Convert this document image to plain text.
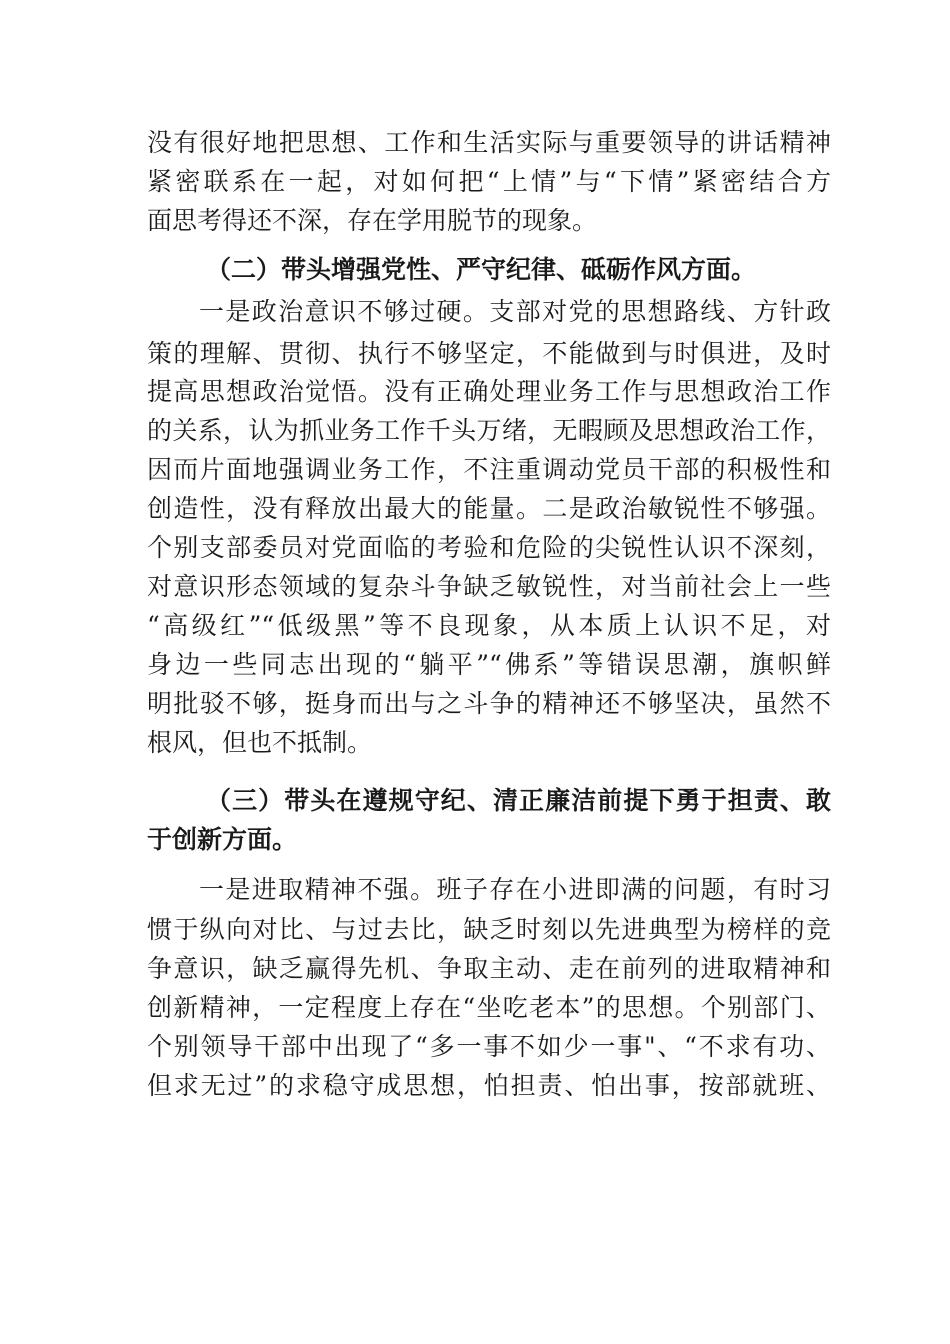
没有很好地把思想、工作和生活实际与重要领导的讲话精神
紧密联系在一起，对如何把“上情”与“下情”紧密结合方
面思考得还不深，存在学用脱节的现象。
（二）带头增强党性、严守纪律、砥砺作风方面。
一是政治意识不够过硬。支部对党的思想路线、方针政
策的理解、贯彻、执行不够坚定，不能做到与时俱进，及时
提高思想政治觉悟。没有正确处理业务工作与思想政治工作
的关系，认为抓业务工作千头万绪，无暇顾及思想政治工作，
因而片面地强调业务工作，不注重调动党员干部的积极性和
创造性，没有释放出最大的能量。二是政治敏锐性不够强。
个别支部委员对党面临的考验和危险的尖锐性认识不深刻，
对意识形态领域的复杂斗争缺乏敏锐性，对当前社会上一些
“高级红”“低级黑”等不良现象，从本质上认识不足，对
身边一些同志出现的“躺平”“佛系”等错误思潮，旗帜鲜
明批驳不够，挺身而出与之斗争的精神还不够坚决，虽然不
根风，但也不抵制。
（三）带头在遵规守纪、清正廉洁前提下勇于担责、敢
于创新方面。
一是进取精神不强。班子存在小进即满的问题，有时习
惯于纵向对比、与过去比，缺乏时刻以先进典型为榜样的竞
争意识，缺乏赢得先机、争取主动、走在前列的进取精神和
创新精神，一定程度上存在“坐吃老本”的思想。个别部门、
个别领导干部中出现了“多一事不如少一事"、“不求有功、
但求无过”的求稳守成思想，怕担责、怕出事，按部就班、
